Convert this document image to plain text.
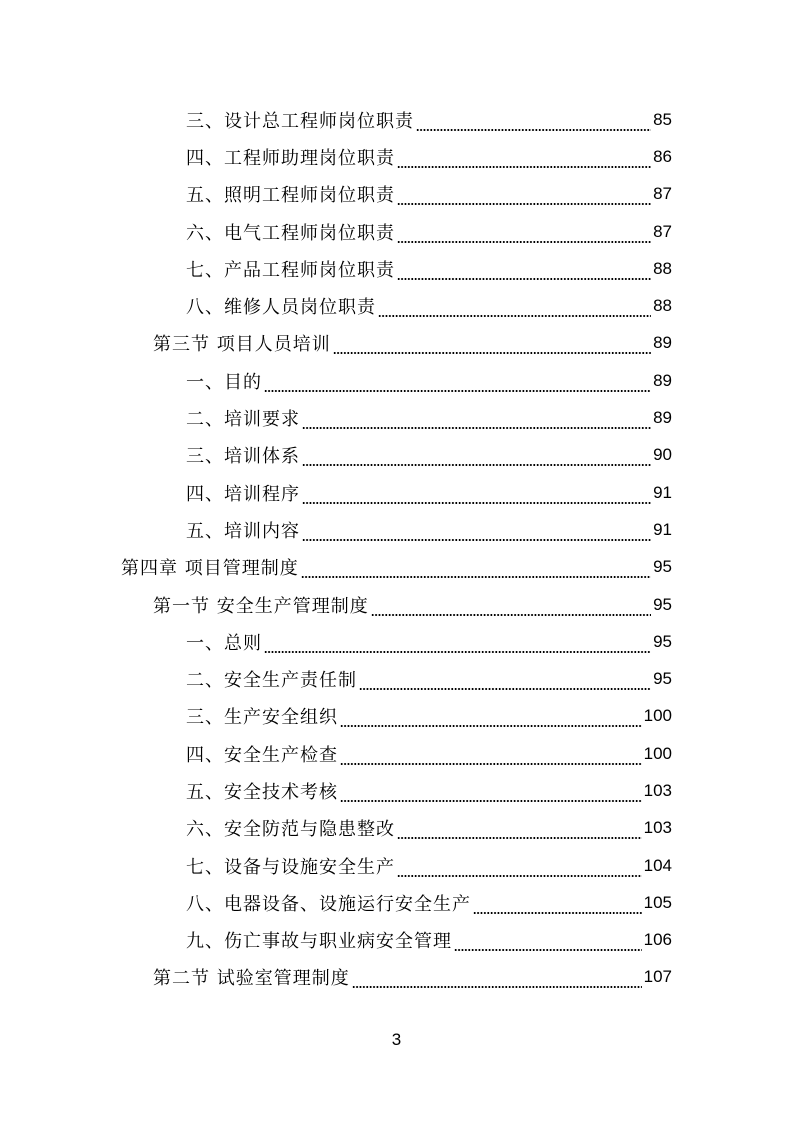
三、设计总工程师岗位职责	85
四、工程师助理岗位职责	86
五、照明工程师岗位职责	87
六、电气工程师岗位职责	87
七、产品工程师岗位职责	88
八、维修人员岗位职责	88
第三节 项目人员培训	89
一、目的	89
二、培训要求	89
三、培训体系	90
四、培训程序	91
五、培训内容	91
第四章 项目管理制度	95
第一节 安全生产管理制度	95
一、总则	95
二、安全生产责任制	95
三、生产安全组织	100
四、安全生产检查	100
五、安全技术考核	103
六、安全防范与隐患整改	103
七、设备与设施安全生产	104
八、电器设备、设施运行安全生产	105
九、伤亡事故与职业病安全管理	106
第二节 试验室管理制度	107
3
